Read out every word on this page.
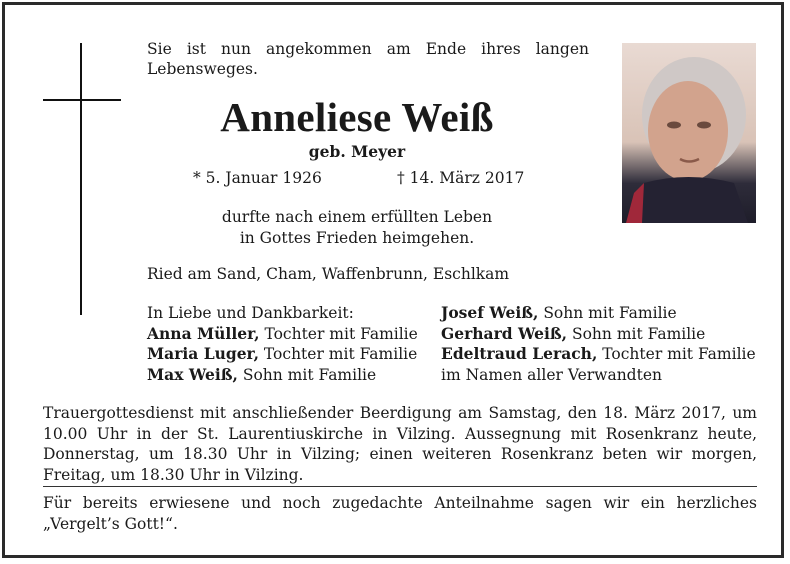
Sie ist nun angekommen am Ende ihres langen Lebensweges.
Anneliese Weiß
geb. Meyer
* 5. Januar 1926	† 14. März 2017
durfte nach einem erfüllten Leben
in Gottes Frieden heimgehen.
Ried am Sand, Cham, Waffenbrunn, Eschlkam
In Liebe und Dankbarkeit:
Anna Müller, Tochter mit Familie
Maria Luger, Tochter mit Familie
Max Weiß, Sohn mit Familie
Josef Weiß, Sohn mit Familie
Gerhard Weiß, Sohn mit Familie
Edeltraud Lerach, Tochter mit Familie
im Namen aller Verwandten
Trauergottesdienst mit anschließender Beerdigung am Samstag, den 18. März 2017, um 10.00 Uhr in der St. Laurentiuskirche in Vilzing. Aussegnung mit Rosenkranz heute, Donnerstag, um 18.30 Uhr in Vilzing; einen weiteren Rosenkranz beten wir morgen, Freitag, um 18.30 Uhr in Vilzing.
Für bereits erwiesene und noch zugedachte Anteilnahme sagen wir ein herzliches „Vergelt’s Gott!“.
